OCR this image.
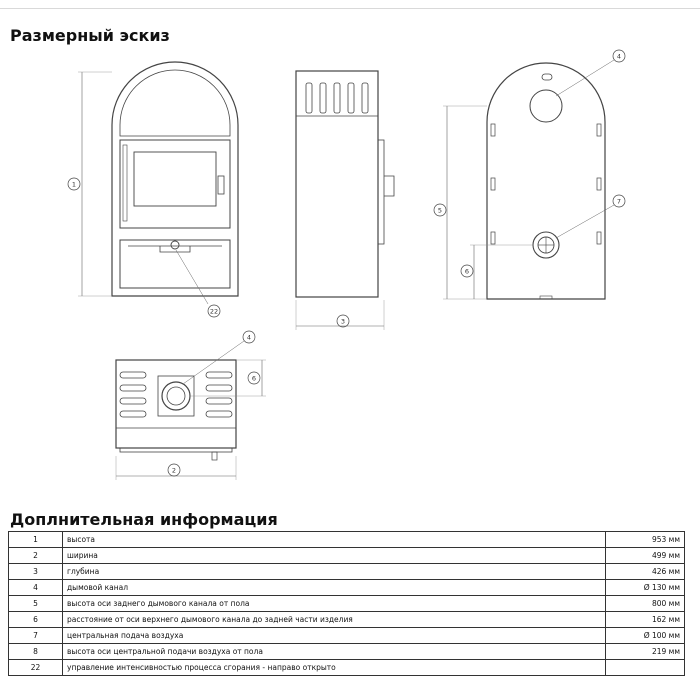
Размерный эскиз
1
22
3
4
5
6
7
4
6
2
Доплнительная информация
1	высота	953 мм
2	ширина	499 мм
3	глубина	426 мм
4	дымовой канал	Ø 130 мм
5	высота оси заднего дымового канала от пола	800 мм
6	расстояние от оси верхнего дымового канала до задней части изделия	162 мм
7	центральная подача воздуха	Ø 100 мм
8	высота оси центральной подачи воздуха от пола	219 мм
22	управление интенсивностью процесса сгорания - направо открыто	
